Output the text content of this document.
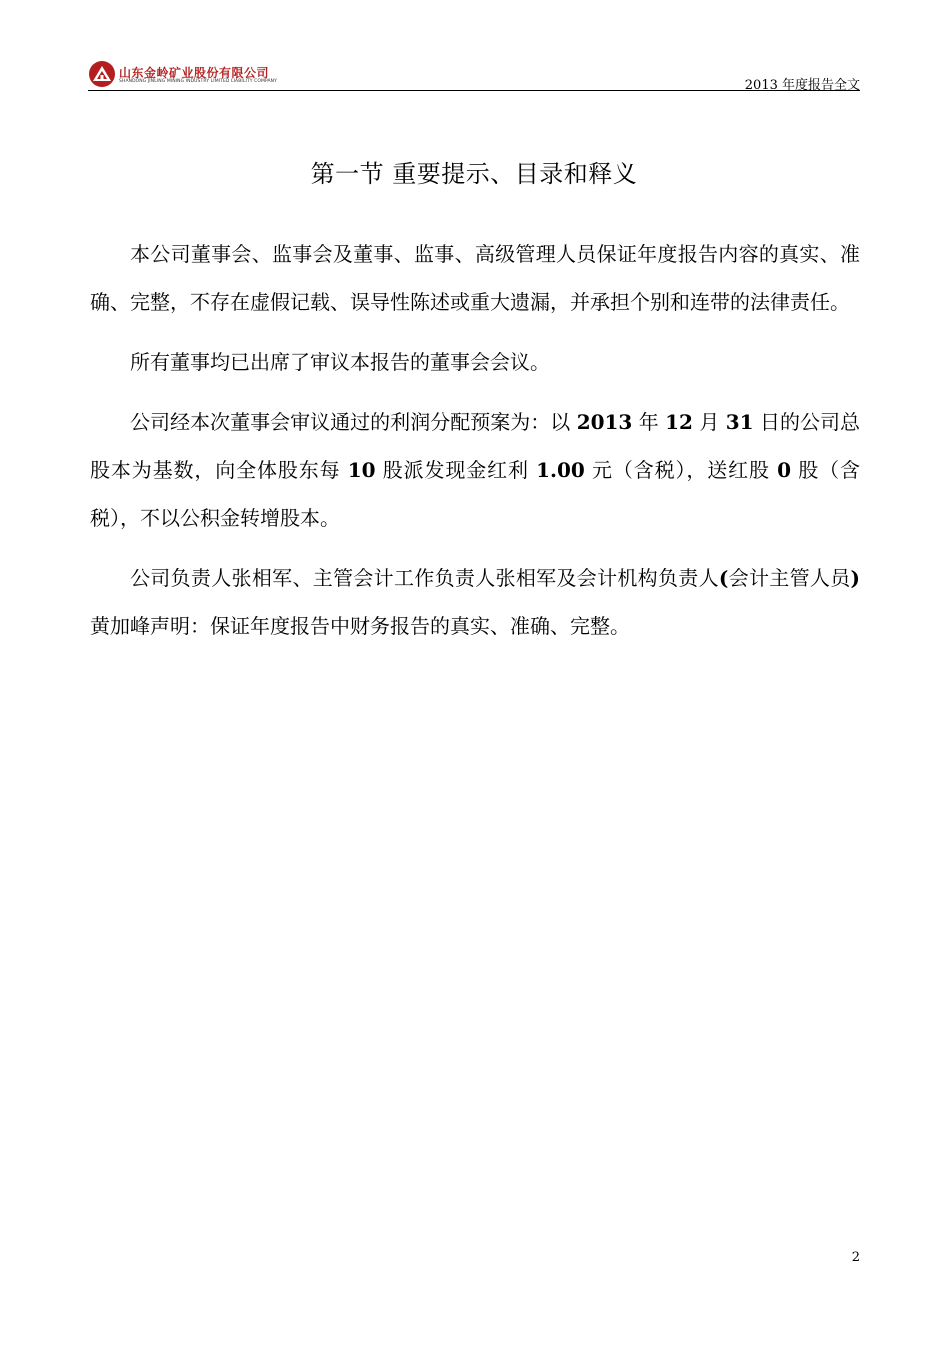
山东金岭矿业股份有限公司
SHANDONG JINLING MINING INDUSTRY LIMITED LIABILITY COMPANY	2013 年度报告全文
第一节 重要提示、目录和释义

本公司董事会、监事会及董事、监事、高级管理人员保证年度报告内容的真实、准确、完整，不存在虚假记载、误导性陈述或重大遗漏，并承担个别和连带的法律责任。

所有董事均已出席了审议本报告的董事会会议。

公司经本次董事会审议通过的利润分配预案为：以 2013 年 12 月 31 日的公司总股本为基数，向全体股东每 10 股派发现金红利 1.00 元（含税），送红股 0 股（含税），不以公积金转增股本。

公司负责人张相军、主管会计工作负责人张相军及会计机构负责人(会计主管人员)黄加峰声明：保证年度报告中财务报告的真实、准确、完整。

2
